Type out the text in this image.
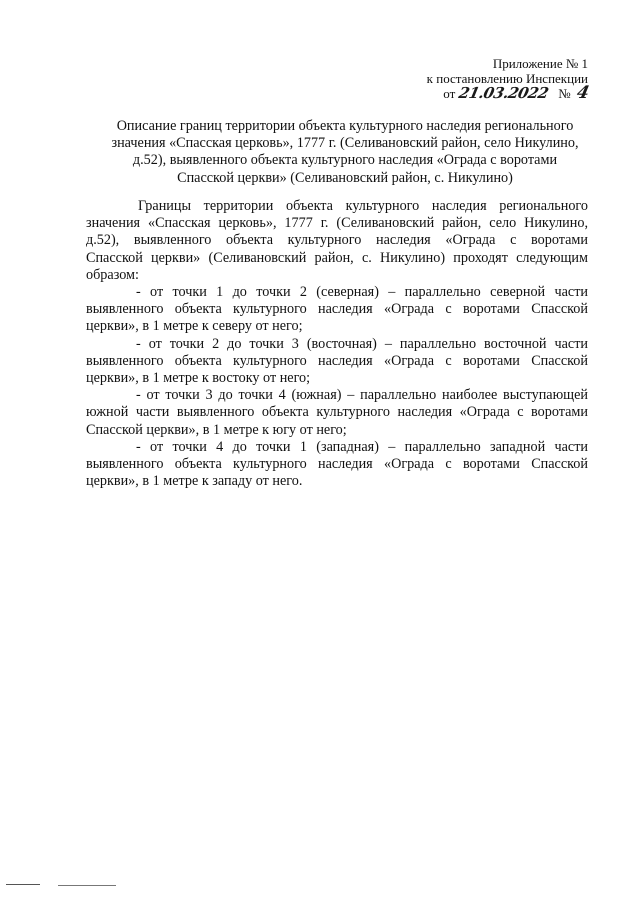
Приложение № 1
к постановлению Инспекции
от 21.03.2022 № 4
Описание границ территории объекта культурного наследия регионального
значения «Спасская церковь», 1777 г. (Селивановский район, село Никулино,
д.52), выявленного объекта культурного наследия «Ограда с воротами
Спасской церкви» (Селивановский район, с. Никулино)
Границы территории объекта культурного наследия регионального
значения «Спасская церковь», 1777 г. (Селивановский район, село Никулино,
д.52), выявленного объекта культурного наследия «Ограда с воротами
Спасской церкви» (Селивановский район, с. Никулино) проходят следующим
образом:
- от точки 1 до точки 2 (северная) – параллельно северной части
выявленного объекта культурного наследия «Ограда с воротами Спасской
церкви», в 1 метре к северу от него;
- от точки 2 до точки 3 (восточная) – параллельно восточной части
выявленного объекта культурного наследия «Ограда с воротами Спасской
церкви», в 1 метре к востоку от него;
- от точки 3 до точки 4 (южная) – параллельно наиболее выступающей
южной части выявленного объекта культурного наследия «Ограда с воротами
Спасской церкви», в 1 метре к югу от него;
- от точки 4 до точки 1 (западная) – параллельно западной части
выявленного объекта культурного наследия «Ограда с воротами Спасской
церкви», в 1 метре к западу от него.
